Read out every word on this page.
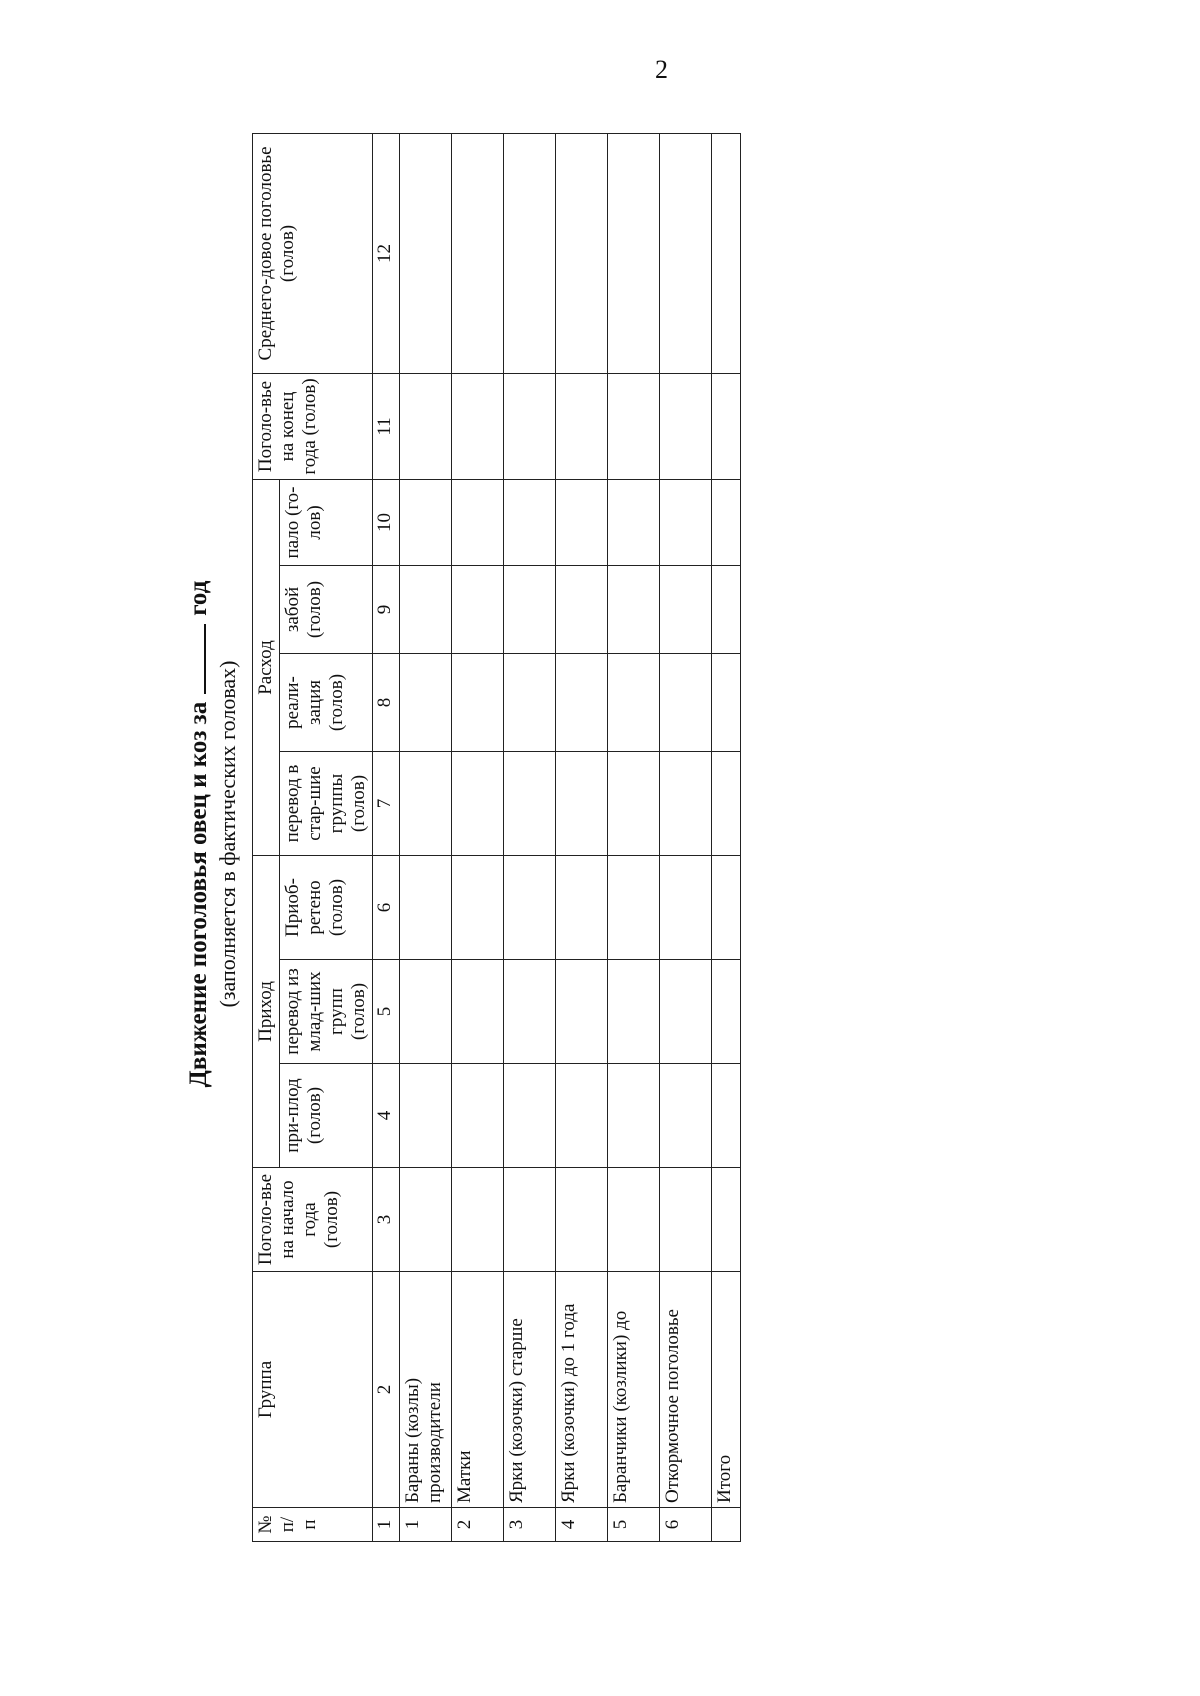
2

Движение поголовья овец и коз загод

(заполняется в фактических головах)

№ п/п	Группа	Поголо-вье на начало года (голов)	Приход			Расход				Поголо-вье на конец года (голов)	Среднего-довое поголовье (голов)
			при-плод (голов)	перевод из млад-ших групп (голов)	Приоб-ретено (голов)	перевод в стар-шие группы (голов)	реали-зация (голов)	забой (голов)	пало (го-лов)		
1	2	3	4	5	6	7	8	9	10	11	12
1	Бараны (козлы) производители										
2	Матки										
3	Ярки (козочки) старше										
4	Ярки (козочки) до 1 года										
5	Баранчики (козлики) до										
6	Откормочное поголовье										
	Итого										
